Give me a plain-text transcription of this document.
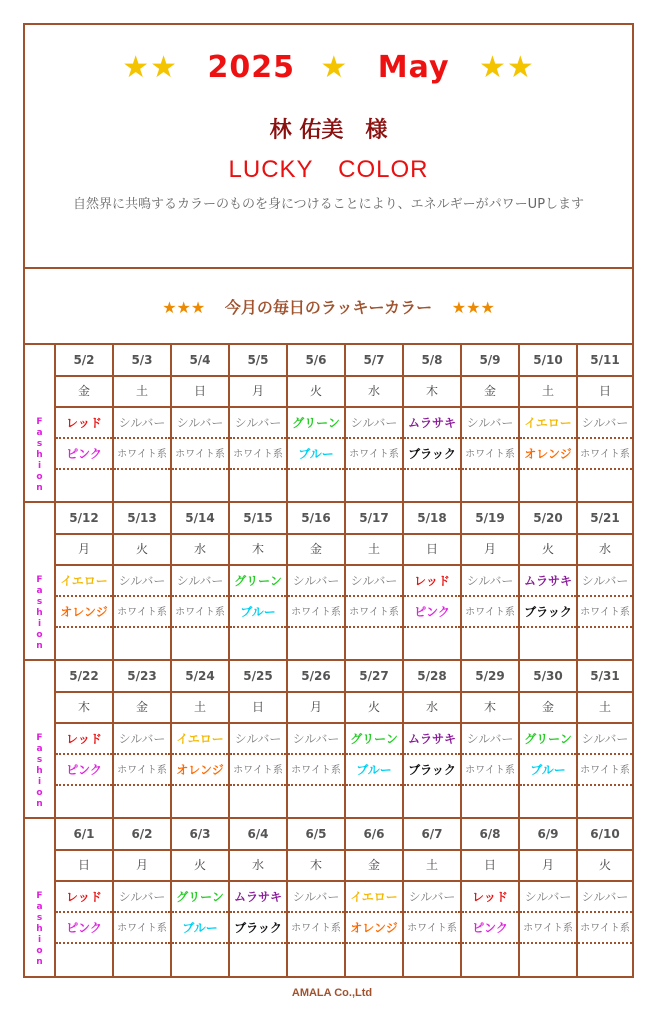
★★ 2025 ★ May ★★
林 佑美　様
LUCKY　COLOR
自然界に共鳴するカラーのものを身につけることにより、エネルギーがパワーUPします
★★★ 今月の毎日のラッキーカラー ★★★
F
a
s
h
i
o
n
5/2
金
レッド
ピンク
5/3
土
シルバー
ホワイト系
5/4
日
シルバー
ホワイト系
5/5
月
シルバー
ホワイト系
5/6
火
グリーン
ブルー
5/7
水
シルバー
ホワイト系
5/8
木
ムラサキ
ブラック
5/9
金
シルバー
ホワイト系
5/10
土
イエロー
オレンジ
5/11
日
シルバー
ホワイト系
F
a
s
h
i
o
n
5/12
月
イエロー
オレンジ
5/13
火
シルバー
ホワイト系
5/14
水
シルバー
ホワイト系
5/15
木
グリーン
ブルー
5/16
金
シルバー
ホワイト系
5/17
土
シルバー
ホワイト系
5/18
日
レッド
ピンク
5/19
月
シルバー
ホワイト系
5/20
火
ムラサキ
ブラック
5/21
水
シルバー
ホワイト系
F
a
s
h
i
o
n
5/22
木
レッド
ピンク
5/23
金
シルバー
ホワイト系
5/24
土
イエロー
オレンジ
5/25
日
シルバー
ホワイト系
5/26
月
シルバー
ホワイト系
5/27
火
グリーン
ブルー
5/28
水
ムラサキ
ブラック
5/29
木
シルバー
ホワイト系
5/30
金
グリーン
ブルー
5/31
土
シルバー
ホワイト系
F
a
s
h
i
o
n
6/1
日
レッド
ピンク
6/2
月
シルバー
ホワイト系
6/3
火
グリーン
ブルー
6/4
水
ムラサキ
ブラック
6/5
木
シルバー
ホワイト系
6/6
金
イエロー
オレンジ
6/7
土
シルバー
ホワイト系
6/8
日
レッド
ピンク
6/9
月
シルバー
ホワイト系
6/10
火
シルバー
ホワイト系
AMALA Co.,Ltd
